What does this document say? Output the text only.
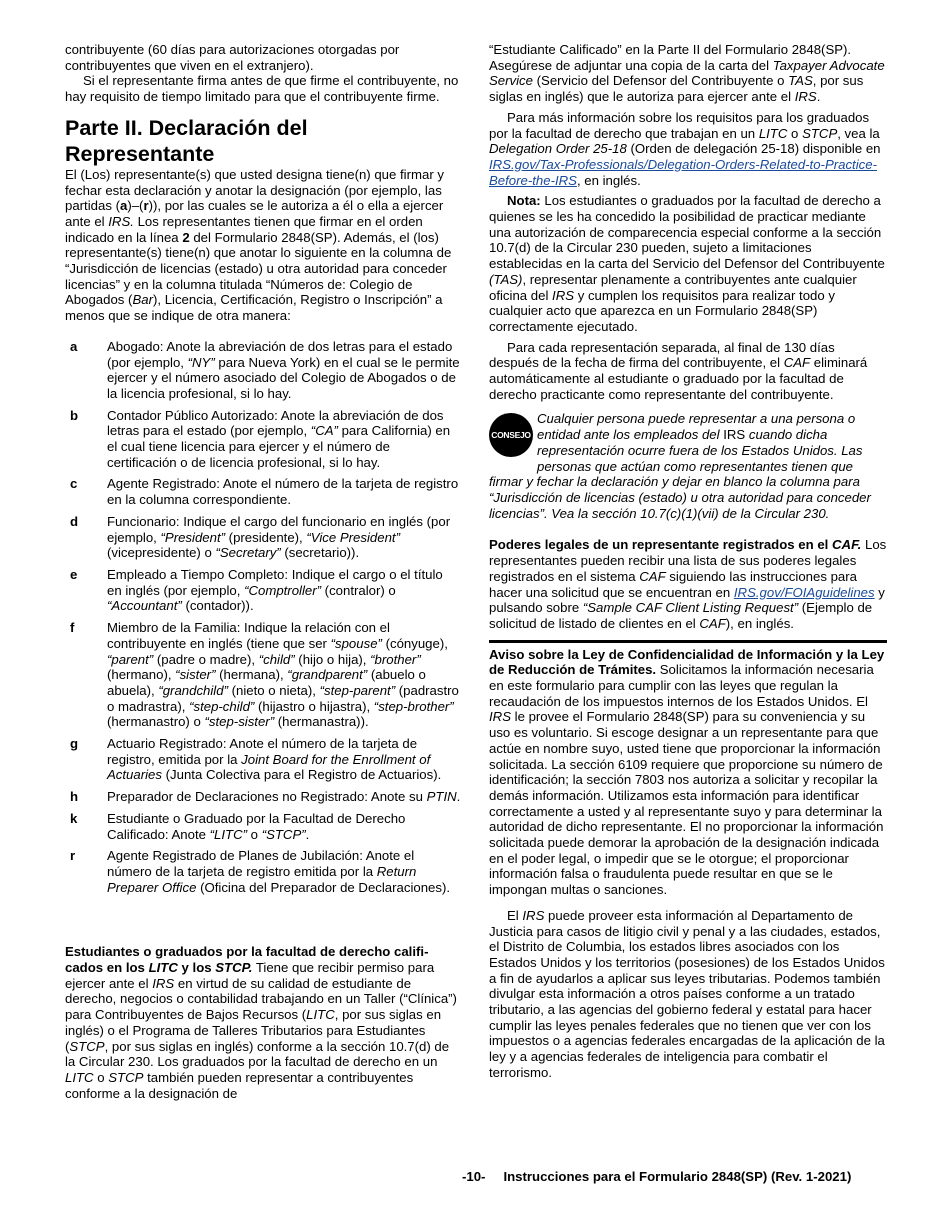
contribuyente (60 días para autorizaciones otorgadas por contribuyentes que viven en el extranjero).

Si el representante firma antes de que firme el contribuyente, no hay requisito de tiempo limitado para que el contribuyente firme.

Parte II. Declaración del Representante

El (Los) representante(s) que usted designa tiene(n) que firmar y fechar esta declaración y anotar la designación (por ejemplo, las partidas (a)–(r)), por las cuales se le autoriza a él o ella a ejercer ante el IRS. Los representantes tienen que firmar en el orden indicado en la línea 2 del Formulario 2848(SP). Además, el (los) representante(s) tiene(n) que anotar lo siguiente en la columna de “Jurisdicción de licencias (estado) u otra autoridad para conceder licencias” y en la columna titulada “Números de: Colegio de Abogados (Bar), Licencia, Certificación, Registro o Inscripción” a menos que se indique de otra manera:

a	Abogado: Anote la abreviación de dos letras para el estado (por ejemplo, “NY” para Nueva York) en el cual se le permite ejercer y el número asociado del Colegio de Abogados o de la licencia profesional, si lo hay.
b	Contador Público Autorizado: Anote la abreviación de dos letras para el estado (por ejemplo, “CA” para California) en el cual tiene licencia para ejercer y el número de certificación o de licencia profesional, si lo hay.
c	Agente Registrado: Anote el número de la tarjeta de registro en la columna correspondiente.
d	Funcionario: Indique el cargo del funcionario en inglés (por ejemplo, “President” (presidente), “Vice President” (vicepresidente) o “Secretary” (secretario)).
e	Empleado a Tiempo Completo: Indique el cargo o el título en inglés (por ejemplo, “Comptroller” (contralor) o “Accountant” (contador)).
f	Miembro de la Familia: Indique la relación con el contribuyente en inglés (tiene que ser “spouse” (cónyuge), “parent” (padre o madre), “child” (hijo o hija), “brother” (hermano), “sister” (hermana), “grandparent” (abuelo o abuela), “grandchild” (nieto o nieta), “step-parent” (padrastro o madrastra), “step-child” (hijastro o hijastra), “step-brother” (hermanastro) o “step-sister” (hermanastra)).
g	Actuario Registrado: Anote el número de la tarjeta de registro, emitida por la Joint Board for the Enrollment of Actuaries (Junta Colectiva para el Registro de Actuarios).
h	Preparador de Declaraciones no Registrado: Anote su PTIN.
k	Estudiante o Graduado por la Facultad de Derecho Calificado: Anote “LITC” o “STCP”.
r	Agente Registrado de Planes de Jubilación: Anote el número de la tarjeta de registro emitida por la Return Preparer Office (Oficina del Preparador de Declaraciones).

Estudiantes o graduados por la facultad de derecho calificados en los LITC y los STCP. Tiene que recibir permiso para ejercer ante el IRS en virtud de su calidad de estudiante de derecho, negocios o contabilidad trabajando en un Taller (“Clínica”) para Contribuyentes de Bajos Recursos (LITC, por sus siglas en inglés) o el Programa de Talleres Tributarios para Estudiantes (STCP, por sus siglas en inglés) conforme a la sección 10.7(d) de la Circular 230. Los graduados por la facultad de derecho en un LITC o STCP también pueden representar a contribuyentes conforme a la designación de

“Estudiante Calificado” en la Parte II del Formulario 2848(SP). Asegúrese de adjuntar una copia de la carta del Taxpayer Advocate Service (Servicio del Defensor del Contribuyente o TAS, por sus siglas en inglés) que le autoriza para ejercer ante el IRS.

Para más información sobre los requisitos para los graduados por la facultad de derecho que trabajan en un LITC o STCP, vea la Delegation Order 25-18 (Orden de delegación 25-18) disponible en IRS.gov/Tax-Professionals/Delegation-Orders-Related-to-Practice-Before-the-IRS, en inglés.

Nota: Los estudiantes o graduados por la facultad de derecho a quienes se les ha concedido la posibilidad de practicar mediante una autorización de comparecencia especial conforme a la sección 10.7(d) de la Circular 230 pueden, sujeto a limitaciones establecidas en la carta del Servicio del Defensor del Contribuyente (TAS), representar plenamente a contribuyentes ante cualquier oficina del IRS y cumplen los requisitos para realizar todo y cualquier acto que aparezca en un Formulario 2848(SP) correctamente ejecutado.

Para cada representación separada, al final de 130 días después de la fecha de firma del contribuyente, el CAF eliminará automáticamente al estudiante o graduado por la facultad de derecho practicante como representante del contribuyente.

CONSEJO

Cualquier persona puede representar a una persona o entidad ante los empleados del IRS cuando dicha representación ocurre fuera de los Estados Unidos. Las personas que actúan como representantes tienen que firmar y fechar la declaración y dejar en blanco la columna para “Jurisdicción de licencias (estado) u otra autoridad para conceder licencias”. Vea la sección 10.7(c)(1)(vii) de la Circular 230.

Poderes legales de un representante registrados en el CAF. Los representantes pueden recibir una lista de sus poderes legales registrados en el sistema CAF siguiendo las instrucciones para hacer una solicitud que se encuentran en IRS.gov/FOIAguidelines y pulsando sobre “Sample CAF Client Listing Request” (Ejemplo de solicitud de listado de clientes en el CAF), en inglés.

Aviso sobre la Ley de Confidencialidad de Información y la Ley de Reducción de Trámites. Solicitamos la información necesaria en este formulario para cumplir con las leyes que regulan la recaudación de los impuestos internos de los Estados Unidos. El IRS le provee el Formulario 2848(SP) para su conveniencia y su uso es voluntario. Si escoge designar a un representante para que actúe en nombre suyo, usted tiene que proporcionar la información solicitada. La sección 6109 requiere que proporcione su número de identificación; la sección 7803 nos autoriza a solicitar y recopilar la demás información. Utilizamos esta información para identificar correctamente a usted y al representante suyo y para determinar la autoridad de dicho representante. El no proporcionar la información solicitada puede demorar la aprobación de la designación indicada en el poder legal, o impedir que se le otorgue; el proporcionar información falsa o fraudulenta puede resultar en que se le impongan multas o sanciones.

El IRS puede proveer esta información al Departamento de Justicia para casos de litigio civil y penal y a las ciudades, estados, el Distrito de Columbia, los estados libres asociados con los Estados Unidos y los territorios (posesiones) de los Estados Unidos a fin de ayudarlos a aplicar sus leyes tributarias. Podemos también divulgar esta información a otros países conforme a un tratado tributario, a las agencias del gobierno federal y estatal para hacer cumplir las leyes penales federales que no tienen que ver con los impuestos o a agencias federales encargadas de la aplicación de la ley y a agencias federales de inteligencia para combatir el terrorismo.

-10- Instrucciones para el Formulario 2848(SP) (Rev. 1-2021)
